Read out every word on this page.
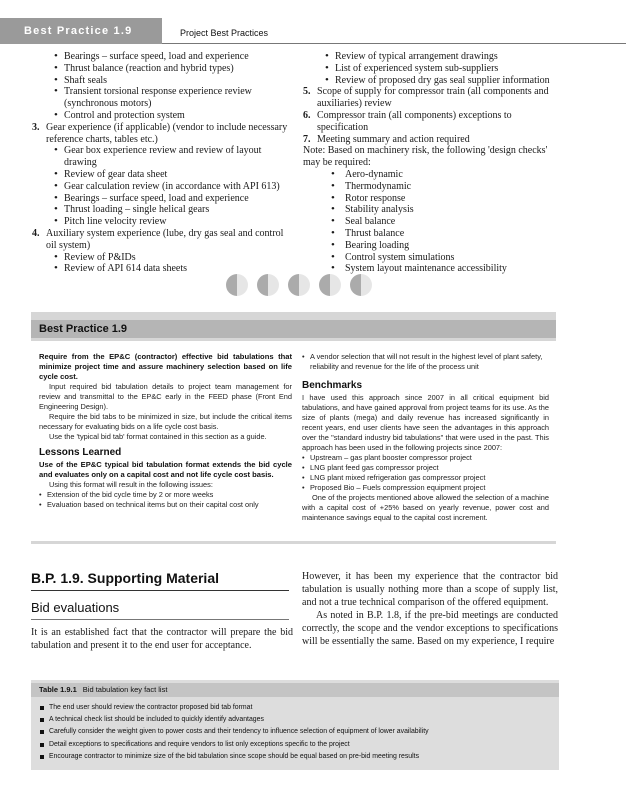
Best Practice 1.9	Project Best Practices
• Bearings – surface speed, load and experience
• Thrust balance (reaction and hybrid types)
• Shaft seals
• Transient torsional response experience review (synchronous motors)
• Control and protection system
3. Gear experience (if applicable) (vendor to include necessary reference charts, tables etc.)
• Gear box experience review and review of layout drawing
• Review of gear data sheet
• Gear calculation review (in accordance with API 613)
• Bearings – surface speed, load and experience
• Thrust loading – single helical gears
• Pitch line velocity review
4. Auxiliary system experience (lube, dry gas seal and control oil system)
• Review of P&IDs
• Review of API 614 data sheets
• Review of typical arrangement drawings
• List of experienced system sub-suppliers
• Review of proposed dry gas seal supplier information
5. Scope of supply for compressor train (all components and auxiliaries) review
6. Compressor train (all components) exceptions to specification
7. Meeting summary and action required
Note: Based on machinery risk, the following 'design checks' may be required:
• Aero-dynamic
• Thermodynamic
• Rotor response
• Stability analysis
• Seal balance
• Thrust balance
• Bearing loading
• Control system simulations
• System layout maintenance accessibility
Best Practice 1.9

Require from the EP&C (contractor) effective bid tabulations that minimize project time and assure machinery selection based on life cycle cost.

Input required bid tabulation details to project team management for review and transmittal to the EP&C early in the FEED phase (Front End Engineering Design).

Require the bid tabs to be minimized in size, but include the critical items necessary for evaluating bids on a life cycle cost basis.

Use the 'typical bid tab' format contained in this section as a guide.

Lessons Learned

Use of the EP&C typical bid tabulation format extends the bid cycle and evaluates only on a capital cost and not life cycle cost basis.

Using this format will result in the following issues:

• Extension of the bid cycle time by 2 or more weeks
• Evaluation based on technical items but on their capital cost only
• A vendor selection that will not result in the highest level of plant safety, reliability and revenue for the life of the process unit
Benchmarks

I have used this approach since 2007 in all critical equipment bid tabulations, and have gained approval from project teams for its use. As the size of plants (mega) and daily revenue has increased significantly in recent years, end user clients have seen the advantages in this approach over the "standard industry bid tabulations" that were used in the past. This approach has been used in the following projects since 2007:

• Upstream – gas plant booster compressor project
• LNG plant feed gas compressor project
• LNG plant mixed refrigeration gas compressor project
• Proposed Bio – Fuels compression equipment project

One of the projects mentioned above allowed the selection of a machine with a capital cost of +25% based on yearly revenue, power cost and maintenance savings equal to the capital cost increment.

B.P. 1.9. Supporting Material
Bid evaluations

It is an established fact that the contractor will prepare the bid tabulation and present it to the end user for acceptance.

However, it has been my experience that the contractor bid tabulation is usually nothing more than a scope of supply list, and not a true technical comparison of the offered equipment.

As noted in B.P. 1.8, if the pre-bid meetings are conducted correctly, the scope and the vendor exceptions to specifications will be essentially the same. Based on my experience, I require

Table 1.9.1 Bid tabulation key fact list
The end user should review the contractor proposed bid tab format
A technical check list should be included to quickly identify advantages
Carefully consider the weight given to power costs and their tendency to influence selection of equipment of lower availability
Detail exceptions to specifications and require vendors to list only exceptions specific to the project
Encourage contractor to minimize size of the bid tabulation since scope should be equal based on pre-bid meeting results
